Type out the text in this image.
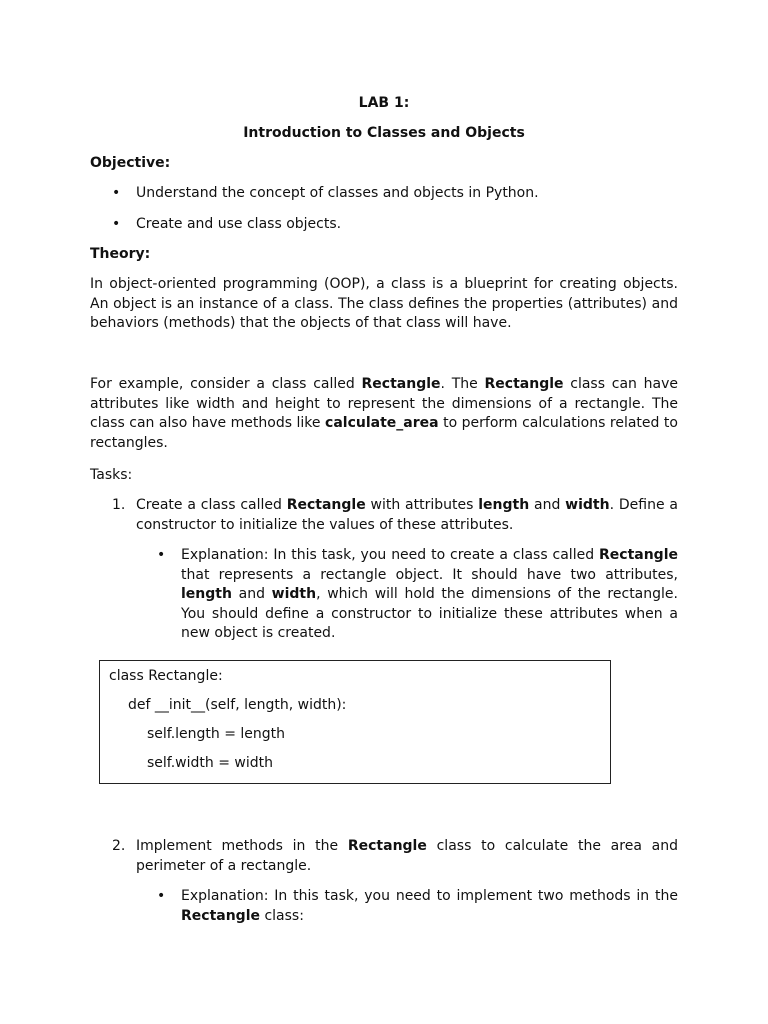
LAB 1:
Introduction to Classes and Objects
Objective:
• Understand the concept of classes and objects in Python.
• Create and use class objects.
Theory:
In object-oriented programming (OOP), a class is a blueprint for creating objects. An object is an instance of a class. The class defines the properties (attributes) and behaviors (methods) that the objects of that class will have.
For example, consider a class called Rectangle. The Rectangle class can have attributes like width and height to represent the dimensions of a rectangle. The class can also have methods like calculate_area to perform calculations related to rectangles.
Tasks:
1. Create a class called Rectangle with attributes length and width. Define a constructor to initialize the values of these attributes.
• Explanation: In this task, you need to create a class called Rectangle that represents a rectangle object. It should have two attributes, length and width, which will hold the dimensions of the rectangle. You should define a constructor to initialize these attributes when a new object is created.
class Rectangle:
def __init__(self, length, width):
self.length = length
self.width = width
2. Implement methods in the Rectangle class to calculate the area and perimeter of a rectangle.
• Explanation: In this task, you need to implement two methods in the Rectangle class:
